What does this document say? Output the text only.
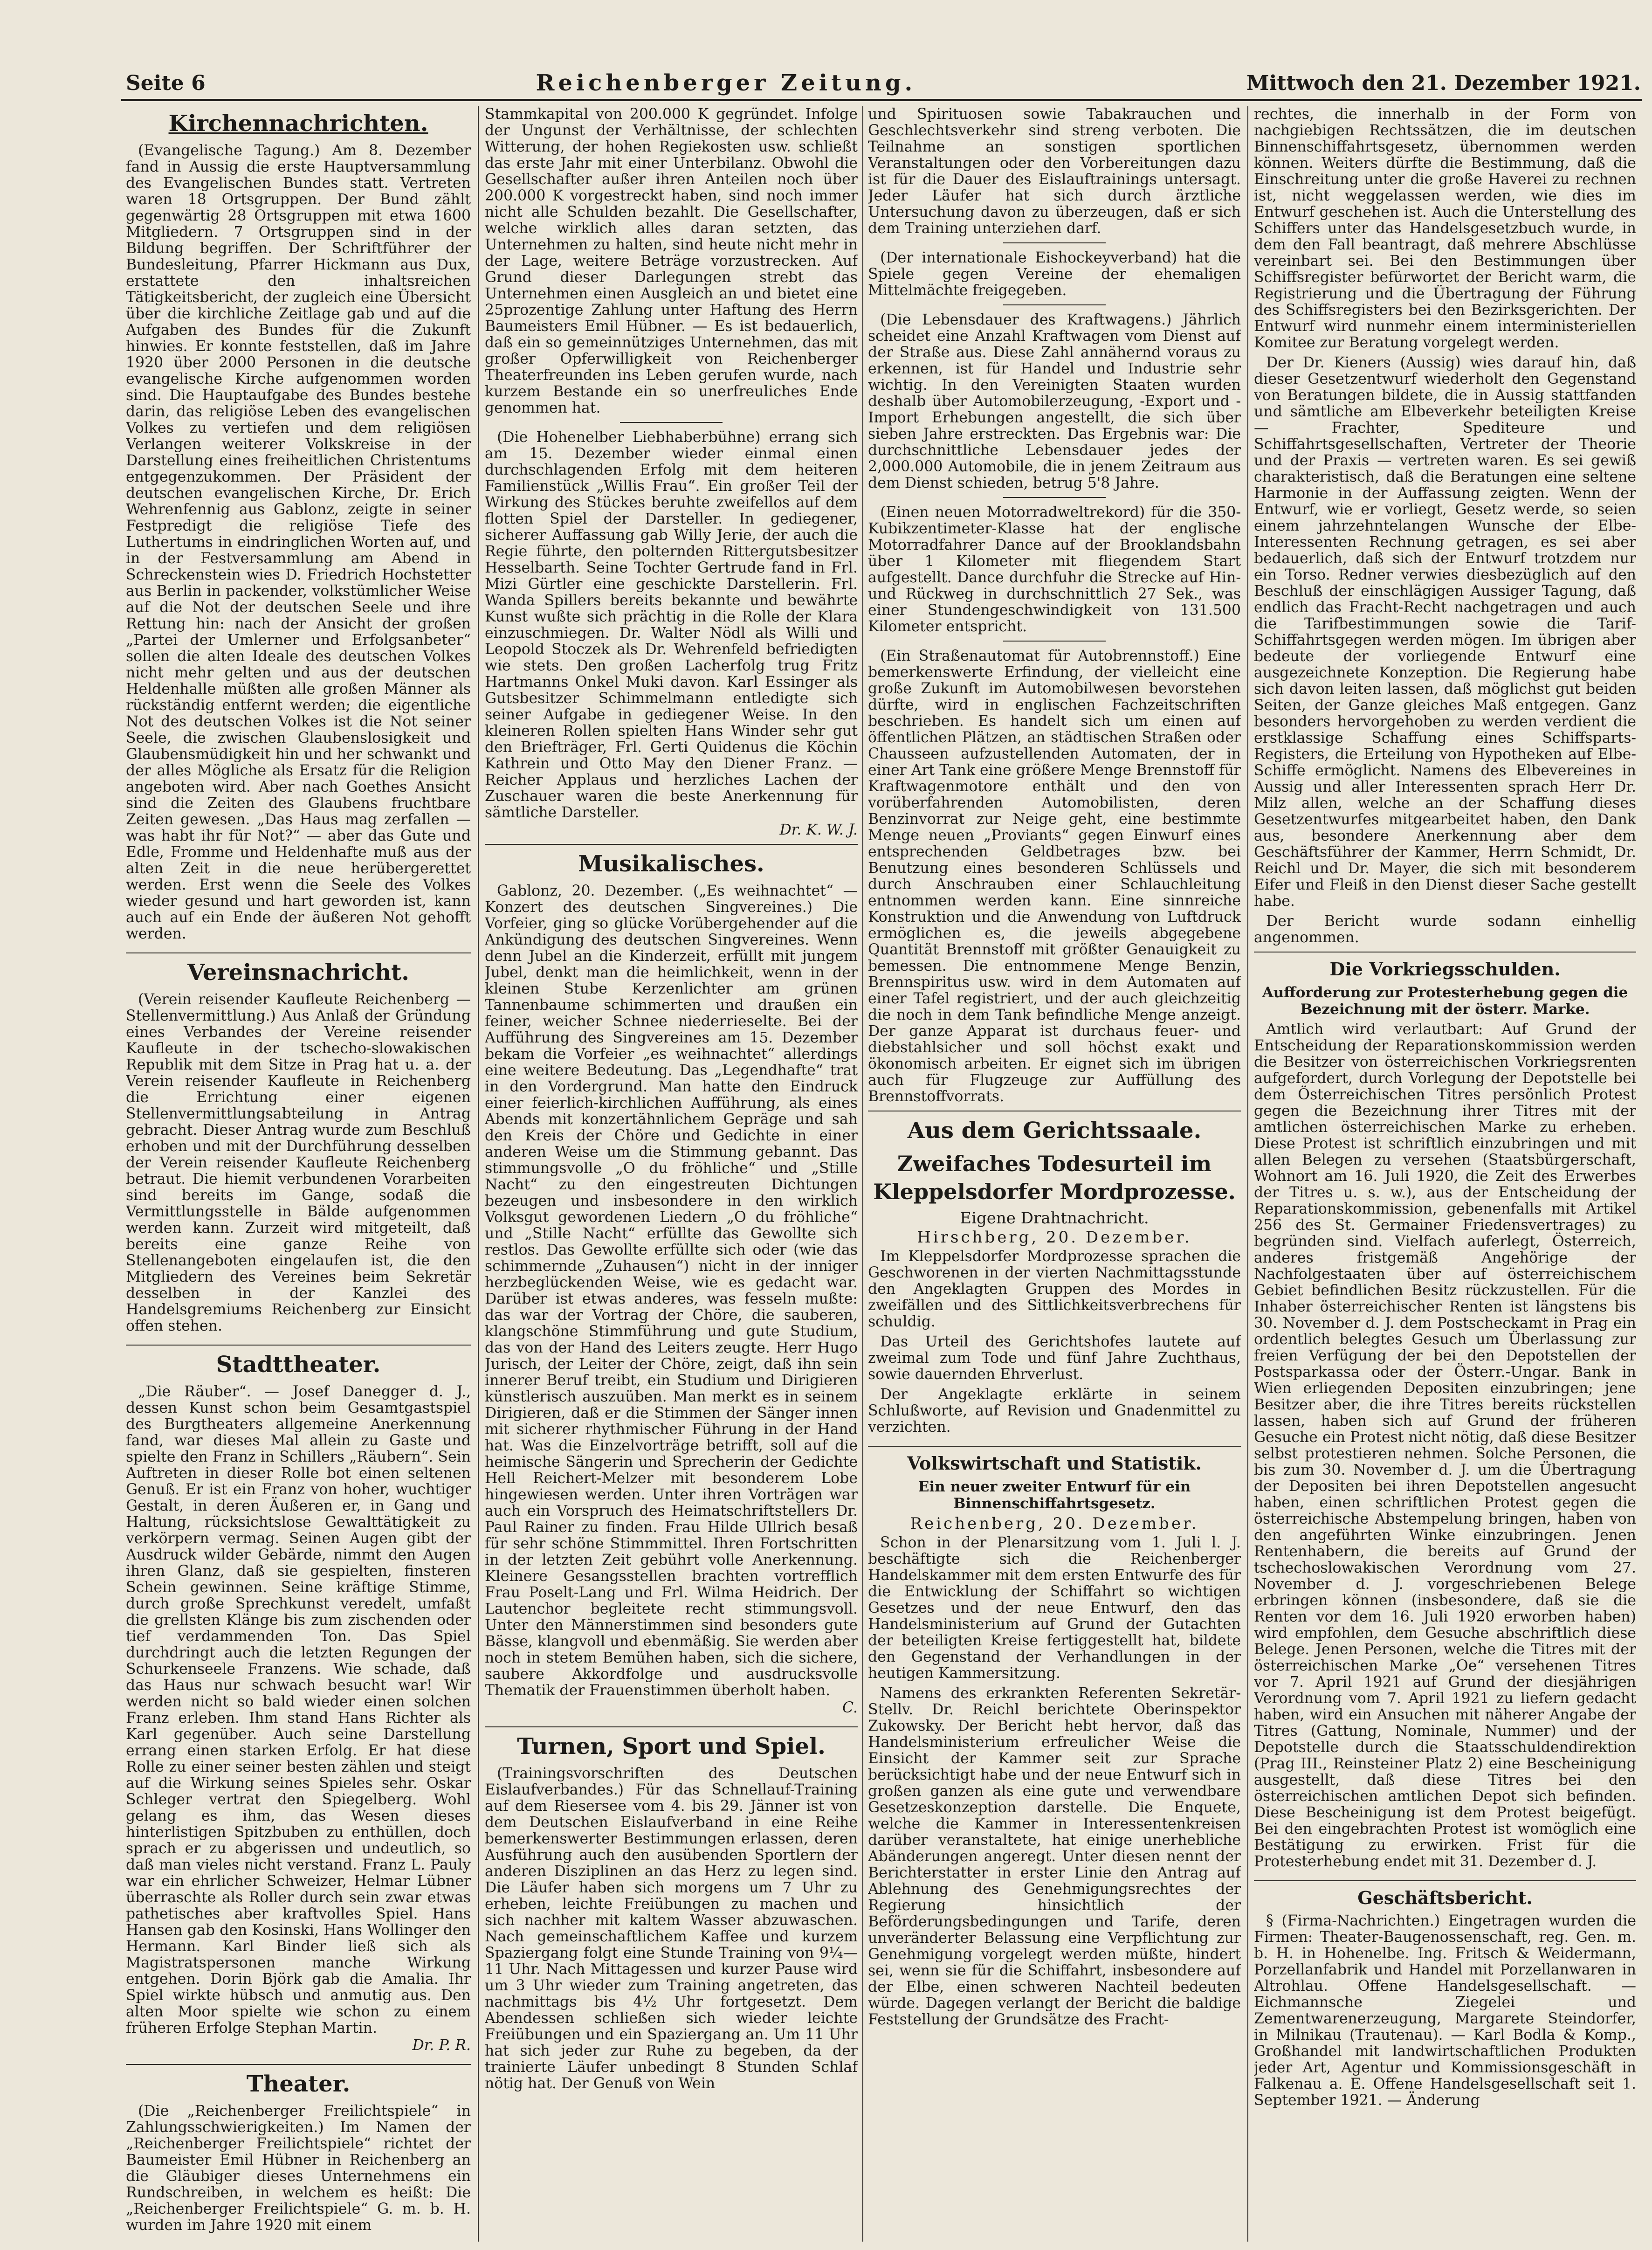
Seite 6	Reichenberger Zeitung.	Mittwoch den 21. Dezember 1921.
Kirchennachrichten.

(Evangelische Tagung.) Am 8. Dezember fand in Aussig die erste Hauptversammlung des Evangelischen Bundes statt. Vertreten waren 18 Ortsgruppen. Der Bund zählt gegenwärtig 28 Ortsgruppen mit etwa 1600 Mitgliedern. 7 Ortsgruppen sind in der Bildung begriffen. Der Schriftführer der Bundesleitung, Pfarrer Hickmann aus Dux, erstattete den inhaltsreichen Tätigkeitsbericht, der zugleich eine Übersicht über die kirchliche Zeitlage gab und auf die Aufgaben des Bundes für die Zukunft hinwies. Er konnte feststellen, daß im Jahre 1920 über 2000 Personen in die deutsche evangelische Kirche aufgenommen worden sind. Die Hauptaufgabe des Bundes bestehe darin, das religiöse Leben des evangelischen Volkes zu vertiefen und dem religiösen Verlangen weiterer Volkskreise in der Darstellung eines freiheitlichen Christentums entgegenzukommen. Der Präsident der deutschen evangelischen Kirche, Dr. Erich Wehrenfennig aus Gablonz, zeigte in seiner Festpredigt die religiöse Tiefe des Luthertums in eindringlichen Worten auf, und in der Festversammlung am Abend in Schreckenstein wies D. Friedrich Hochstetter aus Berlin in packender, volkstümlicher Weise auf die Not der deutschen Seele und ihre Rettung hin: nach der Ansicht der großen „Partei der Umlerner und Erfolgsanbeter“ sollen die alten Ideale des deutschen Volkes nicht mehr gelten und aus der deutschen Heldenhalle müßten alle großen Männer als rückständig entfernt werden; die eigentliche Not des deutschen Volkes ist die Not seiner Seele, die zwischen Glaubenslosigkeit und Glaubensmüdigkeit hin und her schwankt und der alles Mögliche als Ersatz für die Religion angeboten wird. Aber nach Goethes Ansicht sind die Zeiten des Glaubens fruchtbare Zeiten gewesen. „Das Haus mag zerfallen — was habt ihr für Not?“ — aber das Gute und Edle, Fromme und Heldenhafte muß aus der alten Zeit in die neue herübergerettet werden. Erst wenn die Seele des Volkes wieder gesund und hart geworden ist, kann auch auf ein Ende der äußeren Not gehofft werden.

Vereinsnachricht.

(Verein reisender Kaufleute Reichenberg — Stellenvermittlung.) Aus Anlaß der Gründung eines Verbandes der Vereine reisender Kaufleute in der tschecho-slowakischen Republik mit dem Sitze in Prag hat u. a. der Verein reisender Kaufleute in Reichenberg die Errichtung einer eigenen Stellenvermittlungsabteilung in Antrag gebracht. Dieser Antrag wurde zum Beschluß erhoben und mit der Durchführung desselben der Verein reisender Kaufleute Reichenberg betraut. Die hiemit verbundenen Vorarbeiten sind bereits im Gange, sodaß die Vermittlungsstelle in Bälde aufgenommen werden kann. Zurzeit wird mitgeteilt, daß bereits eine ganze Reihe von Stellenangeboten eingelaufen ist, die den Mitgliedern des Vereines beim Sekretär desselben in der Kanzlei des Handelsgremiums Reichenberg zur Einsicht offen stehen.

Stadttheater.

„Die Räuber“. — Josef Danegger d. J., dessen Kunst schon beim Gesamtgastspiel des Burgtheaters allgemeine Anerkennung fand, war dieses Mal allein zu Gaste und spielte den Franz in Schillers „Räubern“. Sein Auftreten in dieser Rolle bot einen seltenen Genuß. Er ist ein Franz von hoher, wuchtiger Gestalt, in deren Äußeren er, in Gang und Haltung, rücksichtslose Gewalttätigkeit zu verkörpern vermag. Seinen Augen gibt der Ausdruck wilder Gebärde, nimmt den Augen ihren Glanz, daß sie gespielten, finsteren Schein gewinnen. Seine kräftige Stimme, durch große Sprechkunst veredelt, umfaßt die grellsten Klänge bis zum zischenden oder tief verdammenden Ton. Das Spiel durchdringt auch die letzten Regungen der Schurkenseele Franzens. Wie schade, daß das Haus nur schwach besucht war! Wir werden nicht so bald wieder einen solchen Franz erleben. Ihm stand Hans Richter als Karl gegenüber. Auch seine Darstellung errang einen starken Erfolg. Er hat diese Rolle zu einer seiner besten zählen und steigt auf die Wirkung seines Spieles sehr. Oskar Schleger vertrat den Spiegelberg. Wohl gelang es ihm, das Wesen dieses hinterlistigen Spitzbuben zu enthüllen, doch sprach er zu abgerissen und undeutlich, so daß man vieles nicht verstand. Franz L. Pauly war ein ehrlicher Schweizer, Helmar Lübner überraschte als Roller durch sein zwar etwas pathetisches aber kraftvolles Spiel. Hans Hansen gab den Kosinski, Hans Wollinger den Hermann. Karl Binder ließ sich als Magistratspersonen manche Wirkung entgehen. Dorin Björk gab die Amalia. Ihr Spiel wirkte hübsch und anmutig aus. Den alten Moor spielte wie schon zu einem früheren Erfolge Stephan Martin.

Dr. P. R.
Theater.

(Die „Reichenberger Freilichtspiele“ in Zahlungsschwierigkeiten.) Im Namen der „Reichenberger Freilichtspiele“ richtet der Baumeister Emil Hübner in Reichenberg an die Gläubiger dieses Unternehmens ein Rundschreiben, in welchem es heißt: Die „Reichenberger Freilichtspiele“ G. m. b. H. wurden im Jahre 1920 mit einem

Stammkapital von 200.000 K gegründet. Infolge der Ungunst der Verhältnisse, der schlechten Witterung, der hohen Regiekosten usw. schließt das erste Jahr mit einer Unterbilanz. Obwohl die Gesellschafter außer ihren Anteilen noch über 200.000 K vorgestreckt haben, sind noch immer nicht alle Schulden bezahlt. Die Gesellschafter, welche wirklich alles daran setzten, das Unternehmen zu halten, sind heute nicht mehr in der Lage, weitere Beträge vorzustrecken. Auf Grund dieser Darlegungen strebt das Unternehmen einen Ausgleich an und bietet eine 25prozentige Zahlung unter Haftung des Herrn Baumeisters Emil Hübner. — Es ist bedauerlich, daß ein so gemeinnütziges Unternehmen, das mit großer Opferwilligkeit von Reichenberger Theaterfreunden ins Leben gerufen wurde, nach kurzem Bestande ein so unerfreuliches Ende genommen hat.

(Die Hohenelber Liebhaberbühne) errang sich am 15. Dezember wieder einmal einen durchschlagenden Erfolg mit dem heiteren Familienstück „Willis Frau“. Ein großer Teil der Wirkung des Stückes beruhte zweifellos auf dem flotten Spiel der Darsteller. In gediegener, sicherer Auffassung gab Willy Jerie, der auch die Regie führte, den polternden Rittergutsbesitzer Hesselbarth. Seine Tochter Gertrude fand in Frl. Mizi Gürtler eine geschickte Darstellerin. Frl. Wanda Spillers bereits bekannte und bewährte Kunst wußte sich prächtig in die Rolle der Klara einzuschmiegen. Dr. Walter Nödl als Willi und Leopold Stoczek als Dr. Wehrenfeld befriedigten wie stets. Den großen Lacherfolg trug Fritz Hartmanns Onkel Muki davon. Karl Essinger als Gutsbesitzer Schimmelmann entledigte sich seiner Aufgabe in gediegener Weise. In den kleineren Rollen spielten Hans Winder sehr gut den Briefträger, Frl. Gerti Quidenus die Köchin Kathrein und Otto May den Diener Franz. — Reicher Applaus und herzliches Lachen der Zuschauer waren die beste Anerkennung für sämtliche Darsteller.

Dr. K. W. J.
Musikalisches.

Gablonz, 20. Dezember. („Es weihnachtet“ — Konzert des deutschen Singvereines.) Die Vorfeier, ging so glücke Vorübergehender auf die Ankündigung des deutschen Singvereines. Wenn denn Jubel an die Kinderzeit, erfüllt mit jungem Jubel, denkt man die heimlichkeit, wenn in der kleinen Stube Kerzenlichter am grünen Tannenbaume schimmerten und draußen ein feiner, weicher Schnee niederrieselte. Bei der Aufführung des Singvereines am 15. Dezember bekam die Vorfeier „es weihnachtet“ allerdings eine weitere Bedeutung. Das „Legendhafte“ trat in den Vordergrund. Man hatte den Eindruck einer feierlich-kirchlichen Aufführung, als eines Abends mit konzertähnlichem Gepräge und sah den Kreis der Chöre und Gedichte in einer anderen Weise um die Stimmung gebannt. Das stimmungsvolle „O du fröhliche“ und „Stille Nacht“ zu den eingestreuten Dichtungen bezeugen und insbesondere in den wirklich Volksgut gewordenen Liedern „O du fröhliche“ und „Stille Nacht“ erfüllte das Gewollte sich restlos. Das Gewollte erfüllte sich oder (wie das schimmernde „Zuhausen“) nicht in der inniger herzbeglückenden Weise, wie es gedacht war. Darüber ist etwas anderes, was fesseln mußte: das war der Vortrag der Chöre, die sauberen, klangschöne Stimmführung und gute Studium, das von der Hand des Leiters zeugte. Herr Hugo Jurisch, der Leiter der Chöre, zeigt, daß ihn sein innerer Beruf treibt, ein Studium und Dirigieren künstlerisch auszuüben. Man merkt es in seinem Dirigieren, daß er die Stimmen der Sänger innen mit sicherer rhythmischer Führung in der Hand hat. Was die Einzelvorträge betrifft, soll auf die heimische Sängerin und Sprecherin der Gedichte Hell Reichert-Melzer mit besonderem Lobe hingewiesen werden. Unter ihren Vorträgen war auch ein Vorspruch des Heimatschriftstellers Dr. Paul Rainer zu finden. Frau Hilde Ullrich besaß für sehr schöne Stimmmittel. Ihren Fortschritten in der letzten Zeit gebührt volle Anerkennung. Kleinere Gesangsstellen brachten vortrefflich Frau Poselt-Lang und Frl. Wilma Heidrich. Der Lautenchor begleitete recht stimmungsvoll. Unter den Männerstimmen sind besonders gute Bässe, klangvoll und ebenmäßig. Sie werden aber noch in stetem Bemühen haben, sich die sichere, saubere Akkordfolge und ausdrucksvolle Thematik der Frauenstimmen überholt haben.

C.
Turnen, Sport und Spiel.

(Trainingsvorschriften des Deutschen Eislaufverbandes.) Für das Schnellauf-Training auf dem Riesersee vom 4. bis 29. Jänner ist von dem Deutschen Eislaufverband in eine Reihe bemerkenswerter Bestimmungen erlassen, deren Ausführung auch den ausübenden Sportlern der anderen Disziplinen an das Herz zu legen sind. Die Läufer haben sich morgens um 7 Uhr zu erheben, leichte Freiübungen zu machen und sich nachher mit kaltem Wasser abzuwaschen. Nach gemeinschaftlichem Kaffee und kurzem Spaziergang folgt eine Stunde Training von 9¼—11 Uhr. Nach Mittagessen und kurzer Pause wird um 3 Uhr wieder zum Training angetreten, das nachmittags bis 4½ Uhr fortgesetzt. Dem Abendessen schließen sich wieder leichte Freiübungen und ein Spaziergang an. Um 11 Uhr hat sich jeder zur Ruhe zu begeben, da der trainierte Läufer unbedingt 8 Stunden Schlaf nötig hat. Der Genuß von Wein

und Spirituosen sowie Tabakrauchen und Geschlechtsverkehr sind streng verboten. Die Teilnahme an sonstigen sportlichen Veranstaltungen oder den Vorbereitungen dazu ist für die Dauer des Eislauftrainings untersagt. Jeder Läufer hat sich durch ärztliche Untersuchung davon zu überzeugen, daß er sich dem Training unterziehen darf.

(Der internationale Eishockeyverband) hat die Spiele gegen Vereine der ehemaligen Mittelmächte freigegeben.

(Die Lebensdauer des Kraftwagens.) Jährlich scheidet eine Anzahl Kraftwagen vom Dienst auf der Straße aus. Diese Zahl annähernd voraus zu erkennen, ist für Handel und Industrie sehr wichtig. In den Vereinigten Staaten wurden deshalb über Automobilerzeugung, -Export und -Import Erhebungen angestellt, die sich über sieben Jahre erstreckten. Das Ergebnis war: Die durchschnittliche Lebensdauer jedes der 2,000.000 Automobile, die in jenem Zeitraum aus dem Dienst schieden, betrug 5'8 Jahre.

(Einen neuen Motorradweltrekord) für die 350-Kubikzentimeter-Klasse hat der englische Motorradfahrer Dance auf der Brooklandsbahn über 1 Kilometer mit fliegendem Start aufgestellt. Dance durchfuhr die Strecke auf Hin- und Rückweg in durchschnittlich 27 Sek., was einer Stundengeschwindigkeit von 131.500 Kilometer entspricht.

(Ein Straßenautomat für Autobrennstoff.) Eine bemerkenswerte Erfindung, der vielleicht eine große Zukunft im Automobilwesen bevorstehen dürfte, wird in englischen Fachzeitschriften beschrieben. Es handelt sich um einen auf öffentlichen Plätzen, an städtischen Straßen oder Chausseen aufzustellenden Automaten, der in einer Art Tank eine größere Menge Brennstoff für Kraftwagenmotore enthält und den von vorüberfahrenden Automobilisten, deren Benzinvorrat zur Neige geht, eine bestimmte Menge neuen „Proviants“ gegen Einwurf eines entsprechenden Geldbetrages bzw. bei Benutzung eines besonderen Schlüssels und durch Anschrauben einer Schlauchleitung entnommen werden kann. Eine sinnreiche Konstruktion und die Anwendung von Luftdruck ermöglichen es, die jeweils abgegebene Quantität Brennstoff mit größter Genauigkeit zu bemessen. Die entnommene Menge Benzin, Brennspiritus usw. wird in dem Automaten auf einer Tafel registriert, und der auch gleichzeitig die noch in dem Tank befindliche Menge anzeigt. Der ganze Apparat ist durchaus feuer- und diebstahlsicher und soll höchst exakt und ökonomisch arbeiten. Er eignet sich im übrigen auch für Flugzeuge zur Auffüllung des Brennstoffvorrats.

Aus dem Gerichtssaale.
Zweifaches Todesurteil im Kleppelsdorfer Mordprozesse.
Eigene Drahtnachricht.
Hirschberg, 20. Dezember.

Im Kleppelsdorfer Mordprozesse sprachen die Geschworenen in der vierten Nachmittagsstunde den Angeklagten Gruppen des Mordes in zweifällen und des Sittlichkeitsverbrechens für schuldig.

Das Urteil des Gerichtshofes lautete auf zweimal zum Tode und fünf Jahre Zuchthaus, sowie dauernden Ehrverlust.

Der Angeklagte erklärte in seinem Schlußworte, auf Revision und Gnadenmittel zu verzichten.

Volkswirtschaft und Statistik.
Ein neuer zweiter Entwurf für ein Binnenschiffahrtsgesetz.
Reichenberg, 20. Dezember.

Schon in der Plenarsitzung vom 1. Juli l. J. beschäftigte sich die Reichenberger Handelskammer mit dem ersten Entwurfe des für die Entwicklung der Schiffahrt so wichtigen Gesetzes und der neue Entwurf, den das Handelsministerium auf Grund der Gutachten der beteiligten Kreise fertiggestellt hat, bildete den Gegenstand der Verhandlungen in der heutigen Kammersitzung.

Namens des erkrankten Referenten Sekretär-Stellv. Dr. Reichl berichtete Oberinspektor Zukowsky. Der Bericht hebt hervor, daß das Handelsministerium erfreulicher Weise die Einsicht der Kammer seit zur Sprache berücksichtigt habe und der neue Entwurf sich in großen ganzen als eine gute und verwendbare Gesetzeskonzeption darstelle. Die Enquete, welche die Kammer in Interessentenkreisen darüber veranstaltete, hat einige unerhebliche Abänderungen angeregt. Unter diesen nennt der Berichterstatter in erster Linie den Antrag auf Ablehnung des Genehmigungsrechtes der Regierung hinsichtlich der Beförderungsbedingungen und Tarife, deren unveränderter Belassung eine Verpflichtung zur Genehmigung vorgelegt werden müßte, hindert sei, wenn sie für die Schiffahrt, insbesondere auf der Elbe, einen schweren Nachteil bedeuten würde. Dagegen verlangt der Bericht die baldige Feststellung der Grundsätze des Fracht-

rechtes, die innerhalb in der Form von nachgiebigen Rechtssätzen, die im deutschen Binnenschiffahrtsgesetz, übernommen werden können. Weiters dürfte die Bestimmung, daß die Einschreitung unter die große Haverei zu rechnen ist, nicht weggelassen werden, wie dies im Entwurf geschehen ist. Auch die Unterstellung des Schiffers unter das Handelsgesetzbuch wurde, in dem den Fall beantragt, daß mehrere Abschlüsse vereinbart sei. Bei den Bestimmungen über Schiffsregister befürwortet der Bericht warm, die Registrierung und die Übertragung der Führung des Schiffsregisters bei den Bezirksgerichten. Der Entwurf wird nunmehr einem interministeriellen Komitee zur Beratung vorgelegt werden.

Der Dr. Kieners (Aussig) wies darauf hin, daß dieser Gesetzentwurf wiederholt den Gegenstand von Beratungen bildete, die in Aussig stattfanden und sämtliche am Elbeverkehr beteiligten Kreise — Frachter, Spediteure und Schiffahrtsgesellschaften, Vertreter der Theorie und der Praxis — vertreten waren. Es sei gewiß charakteristisch, daß die Beratungen eine seltene Harmonie in der Auffassung zeigten. Wenn der Entwurf, wie er vorliegt, Gesetz werde, so seien einem jahrzehntelangen Wunsche der Elbe-Interessenten Rechnung getragen, es sei aber bedauerlich, daß sich der Entwurf trotzdem nur ein Torso. Redner verwies diesbezüglich auf den Beschluß der einschlägigen Aussiger Tagung, daß endlich das Fracht-Recht nachgetragen und auch die Tarifbestimmungen sowie die Tarif-Schiffahrtsgegen werden mögen. Im übrigen aber bedeute der vorliegende Entwurf eine ausgezeichnete Konzeption. Die Regierung habe sich davon leiten lassen, daß möglichst gut beiden Seiten, der Ganze gleiches Maß entgegen. Ganz besonders hervorgehoben zu werden verdient die erstklassige Schaffung eines Schiffsparts-Registers, die Erteilung von Hypotheken auf Elbe-Schiffe ermöglicht. Namens des Elbevereines in Aussig und aller Interessenten sprach Herr Dr. Milz allen, welche an der Schaffung dieses Gesetzentwurfes mitgearbeitet haben, den Dank aus, besondere Anerkennung aber dem Geschäftsführer der Kammer, Herrn Schmidt, Dr. Reichl und Dr. Mayer, die sich mit besonderem Eifer und Fleiß in den Dienst dieser Sache gestellt habe.

Der Bericht wurde sodann einhellig angenommen.

Die Vorkriegsschulden.
Aufforderung zur Protesterhebung gegen die Bezeichnung mit der österr. Marke.

Amtlich wird verlautbart: Auf Grund der Entscheidung der Reparationskommission werden die Besitzer von österreichischen Vorkriegsrenten aufgefordert, durch Vorlegung der Depotstelle bei dem Österreichischen Titres persönlich Protest gegen die Bezeichnung ihrer Titres mit der amtlichen österreichischen Marke zu erheben. Diese Protest ist schriftlich einzubringen und mit allen Belegen zu versehen (Staatsbürgerschaft, Wohnort am 16. Juli 1920, die Zeit des Erwerbes der Titres u. s. w.), aus der Entscheidung der Reparationskommission, gebenenfalls mit Artikel 256 des St. Germainer Friedensvertrages) zu begründen sind. Vielfach auferlegt, Österreich, anderes fristgemäß Angehörige der Nachfolgestaaten über auf österreichischem Gebiet befindlichen Besitz rückzustellen. Für die Inhaber österreichischer Renten ist längstens bis 30. November d. J. dem Postscheckamt in Prag ein ordentlich belegtes Gesuch um Überlassung zur freien Verfügung der bei den Depotstellen der Postsparkassa oder der Österr.-Ungar. Bank in Wien erliegenden Depositen einzubringen; jene Besitzer aber, die ihre Titres bereits rückstellen lassen, haben sich auf Grund der früheren Gesuche ein Protest nicht nötig, daß diese Besitzer selbst protestieren nehmen. Solche Personen, die bis zum 30. November d. J. um die Übertragung der Depositen bei ihren Depotstellen angesucht haben, einen schriftlichen Protest gegen die österreichische Abstempelung bringen, haben von den angeführten Winke einzubringen. Jenen Rentenhabern, die bereits auf Grund der tschechoslowakischen Verordnung vom 27. November d. J. vorgeschriebenen Belege erbringen können (insbesondere, daß sie die Renten vor dem 16. Juli 1920 erworben haben) wird empfohlen, dem Gesuche abschriftlich diese Belege. Jenen Personen, welche die Titres mit der österreichischen Marke „Oe“ versehenen Titres vor 7. April 1921 auf Grund der diesjährigen Verordnung vom 7. April 1921 zu liefern gedacht haben, wird ein Ansuchen mit näherer Angabe der Titres (Gattung, Nominale, Nummer) und der Depotstelle durch die Staatsschuldendirektion (Prag III., Reinsteiner Platz 2) eine Bescheinigung ausgestellt, daß diese Titres bei den österreichischen amtlichen Depot sich befinden. Diese Bescheinigung ist dem Protest beigefügt. Bei den eingebrachten Protest ist womöglich eine Bestätigung zu erwirken. Frist für die Protesterhebung endet mit 31. Dezember d. J.

Geschäftsbericht.

§ (Firma-Nachrichten.) Eingetragen wurden die Firmen: Theater-Baugenossenschaft, reg. Gen. m. b. H. in Hohenelbe. Ing. Fritsch & Weidermann, Porzellanfabrik und Handel mit Porzellanwaren in Altrohlau. Offene Handelsgesellschaft. — Eichmannsche Ziegelei und Zementwarenerzeugung, Margarete Steindorfer, in Milnikau (Trautenau). — Karl Bodla & Komp., Großhandel mit landwirtschaftlichen Produkten jeder Art, Agentur und Kommissionsgeschäft in Falkenau a. E. Offene Handelsgesellschaft seit 1. September 1921. — Änderung
